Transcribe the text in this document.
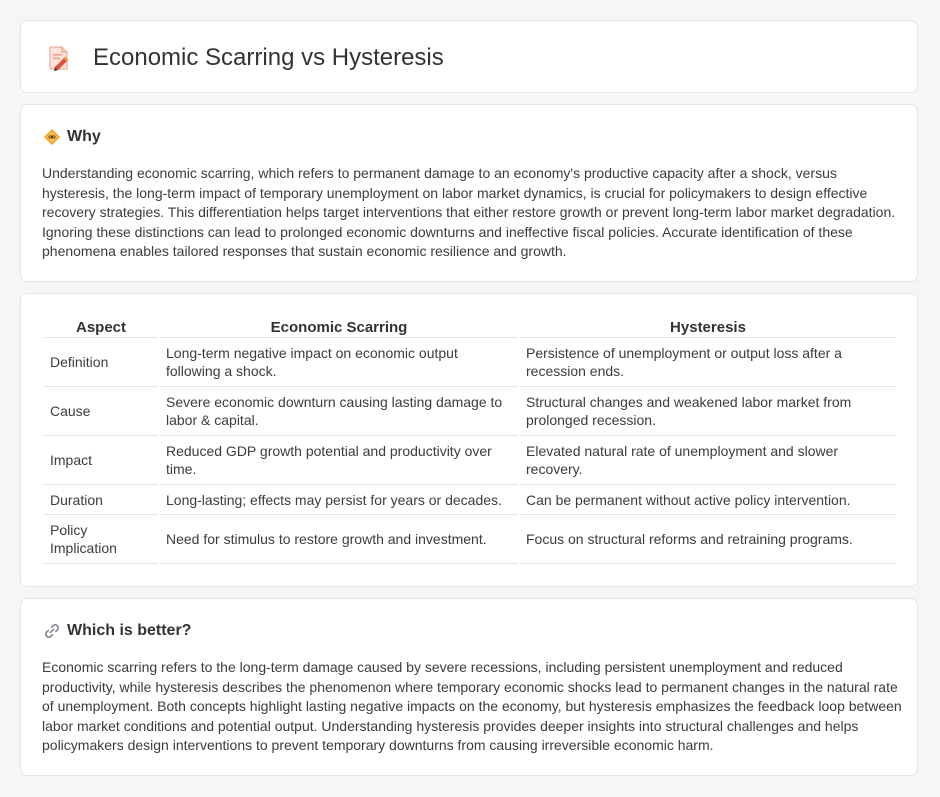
Economic Scarring vs Hysteresis
Why

Understanding economic scarring, which refers to permanent damage to an economy's productive capacity after a shock, versus hysteresis, the long-term impact of temporary unemployment on labor market dynamics, is crucial for policymakers to design effective recovery strategies. This differentiation helps target interventions that either restore growth or prevent long-term labor market degradation. Ignoring these distinctions can lead to prolonged economic downturns and ineffective fiscal policies. Accurate identification of these phenomena enables tailored responses that sustain economic resilience and growth.

Aspect	Economic Scarring	Hysteresis
Definition	Long-term negative impact on economic output following a shock.	Persistence of unemployment or output loss after a recession ends.
Cause	Severe economic downturn causing lasting damage to labor & capital.	Structural changes and weakened labor market from prolonged recession.
Impact	Reduced GDP growth potential and productivity over time.	Elevated natural rate of unemployment and slower recovery.
Duration	Long-lasting; effects may persist for years or decades.	Can be permanent without active policy intervention.
Policy Implication	Need for stimulus to restore growth and investment.	Focus on structural reforms and retraining programs.
Which is better?

Economic scarring refers to the long-term damage caused by severe recessions, including persistent unemployment and reduced productivity, while hysteresis describes the phenomenon where temporary economic shocks lead to permanent changes in the natural rate of unemployment. Both concepts highlight lasting negative impacts on the economy, but hysteresis emphasizes the feedback loop between labor market conditions and potential output. Understanding hysteresis provides deeper insights into structural challenges and helps policymakers design interventions to prevent temporary downturns from causing irreversible economic harm.
